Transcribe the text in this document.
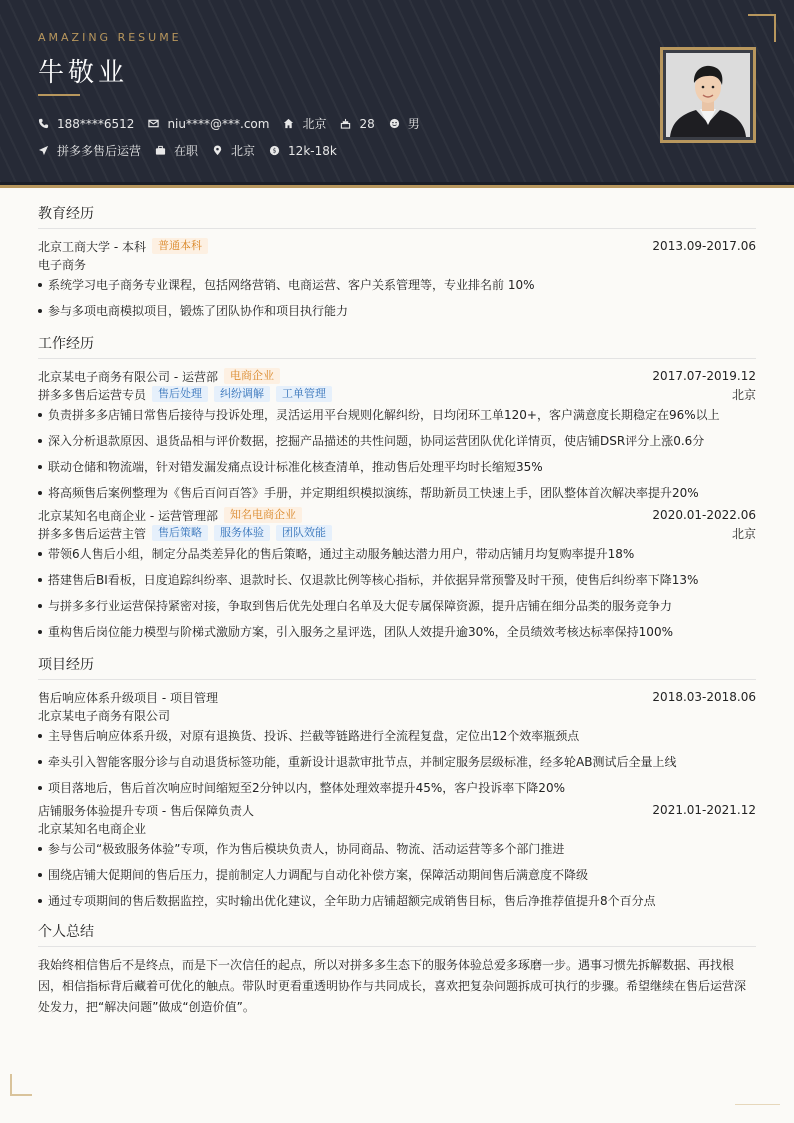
AMAZING RESUME
牛敬业
188****6512	niu****@***.com	北京	28	男
拼多多售后运营	在职	北京	$ 12k-18k
教育经历
北京工商大学 - 本科	普通本科	2013.09-2017.06
电子商务
系统学习电子商务专业课程，包括网络营销、电商运营、客户关系管理等，专业排名前 10%
参与多项电商模拟项目，锻炼了团队协作和项目执行能力
工作经历
北京某电子商务有限公司 - 运营部	电商企业	2017.07-2019.12
拼多多售后运营专员	售后处理	纠纷调解	工单管理	北京
负责拼多多店铺日常售后接待与投诉处理，灵活运用平台规则化解纠纷，日均闭环工单120+，客户满意度长期稳定在96%以上
深入分析退款原因、退货品相与评价数据，挖掘产品描述的共性问题，协同运营团队优化详情页，使店铺DSR评分上涨0.6分
联动仓储和物流端，针对错发漏发痛点设计标准化核查清单，推动售后处理平均时长缩短35%
将高频售后案例整理为《售后百问百答》手册，并定期组织模拟演练，帮助新员工快速上手，团队整体首次解决率提升20%
北京某知名电商企业 - 运营管理部	知名电商企业	2020.01-2022.06
拼多多售后运营主管	售后策略	服务体验	团队效能	北京
带领6人售后小组，制定分品类差异化的售后策略，通过主动服务触达潜力用户，带动店铺月均复购率提升18%
搭建售后BI看板，日度追踪纠纷率、退款时长、仅退款比例等核心指标，并依据异常预警及时干预，使售后纠纷率下降13%
与拼多多行业运营保持紧密对接，争取到售后优先处理白名单及大促专属保障资源，提升店铺在细分品类的服务竞争力
重构售后岗位能力模型与阶梯式激励方案，引入服务之星评选，团队人效提升逾30%，全员绩效考核达标率保持100%
项目经历
售后响应体系升级项目 - 项目管理	2018.03-2018.06
北京某电子商务有限公司
主导售后响应体系升级，对原有退换货、投诉、拦截等链路进行全流程复盘，定位出12个效率瓶颈点
牵头引入智能客服分诊与自动退货标签功能，重新设计退款审批节点，并制定服务层级标准，经多轮AB测试后全量上线
项目落地后，售后首次响应时间缩短至2分钟以内，整体处理效率提升45%，客户投诉率下降20%
店铺服务体验提升专项 - 售后保障负责人	2021.01-2021.12
北京某知名电商企业
参与公司“极致服务体验”专项，作为售后模块负责人，协同商品、物流、活动运营等多个部门推进
围绕店铺大促期间的售后压力，提前制定人力调配与自动化补偿方案，保障活动期间售后满意度不降级
通过专项期间的售后数据监控，实时输出优化建议，全年助力店铺超额完成销售目标，售后净推荐值提升8个百分点
个人总结
我始终相信售后不是终点，而是下一次信任的起点，所以对拼多多生态下的服务体验总爱多琢磨一步。遇事习惯先拆解数据、再找根因，相信指标背后藏着可优化的触点。带队时更看重透明协作与共同成长，喜欢把复杂问题拆成可执行的步骤。希望继续在售后运营深处发力，把“解决问题”做成“创造价值”。
